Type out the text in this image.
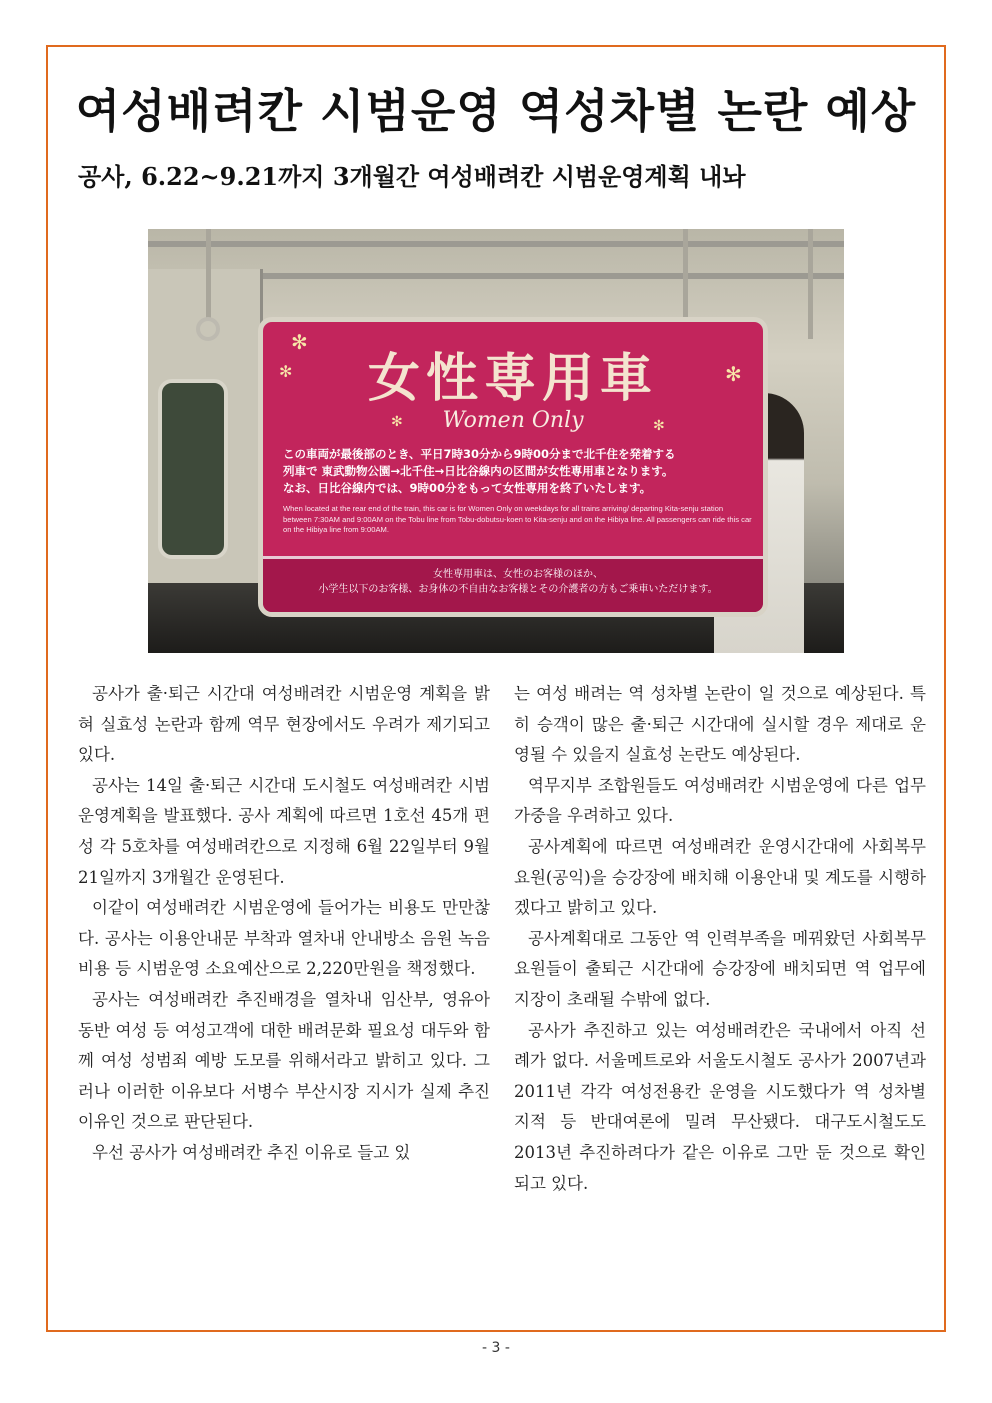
여성배려칸 시범운영 역성차별 논란 예상
공사, 6.22~9.21까지 3개월간 여성배려칸 시범운영계획 내놔
✻
✻	✻
✻	✻
女性専用車
Women Only
この車両が最後部のとき、平日7時30分から9時00分まで北千住を発着する
列車で 東武動物公園→北千住→日比谷線内の区間が女性専用車となります。
なお、日比谷線内では、9時00分をもって女性専用を終了いたします。
When located at the rear end of the train, this car is for Women Only on weekdays for all trains arriving/ departing Kita-senju station between 7:30AM and 9:00AM on the Tobu line from Tobu-dobutsu-koen to Kita-senju and on the Hibiya line. All passengers can ride this car on the Hibiya line from 9:00AM.
女性専用車は、女性のお客様のほか、
小学生以下のお客様、お身体の不自由なお客様とその介護者の方もご乗車いただけます。

공사가 출·퇴근 시간대 여성배려칸 시범운영 계획을 밝혀 실효성 논란과 함께 역무 현장에서도 우려가 제기되고 있다.

공사는 14일 출·퇴근 시간대 도시철도 여성배려칸 시범운영계획을 발표했다. 공사 계획에 따르면 1호선 45개 편성 각 5호차를 여성배려칸으로 지정해 6월 22일부터 9월 21일까지 3개월간 운영된다.

이같이 여성배려칸 시범운영에 들어가는 비용도 만만찮다. 공사는 이용안내문 부착과 열차내 안내방소 음원 녹음 비용 등 시범운영 소요예산으로 2,220만원을 책정했다.

공사는 여성배려칸 추진배경을 열차내 임산부, 영유아 동반 여성 등 여성고객에 대한 배려문화 필요성 대두와 함께 여성 성범죄 예방 도모를 위해서라고 밝히고 있다. 그러나 이러한 이유보다 서병수 부산시장 지시가 실제 추진 이유인 것으로 판단된다.

우선 공사가 여성배려칸 추진 이유로 들고 있

는 여성 배려는 역 성차별 논란이 일 것으로 예상된다. 특히 승객이 많은 출·퇴근 시간대에 실시할 경우 제대로 운영될 수 있을지 실효성 논란도 예상된다.

역무지부 조합원들도 여성배려칸 시범운영에 다른 업무 가중을 우려하고 있다.

공사계획에 따르면 여성배려칸 운영시간대에 사회복무요원(공익)을 승강장에 배치해 이용안내 및 계도를 시행하겠다고 밝히고 있다.

공사계획대로 그동안 역 인력부족을 메꿔왔던 사회복무요원들이 출퇴근 시간대에 승강장에 배치되면 역 업무에 지장이 초래될 수밖에 없다.

공사가 추진하고 있는 여성배려칸은 국내에서 아직 선례가 없다. 서울메트로와 서울도시철도 공사가 2007년과 2011년 각각 여성전용칸 운영을 시도했다가 역 성차별 지적 등 반대여론에 밀려 무산됐다. 대구도시철도도 2013년 추진하려다가 같은 이유로 그만 둔 것으로 확인되고 있다.

- 3 -
